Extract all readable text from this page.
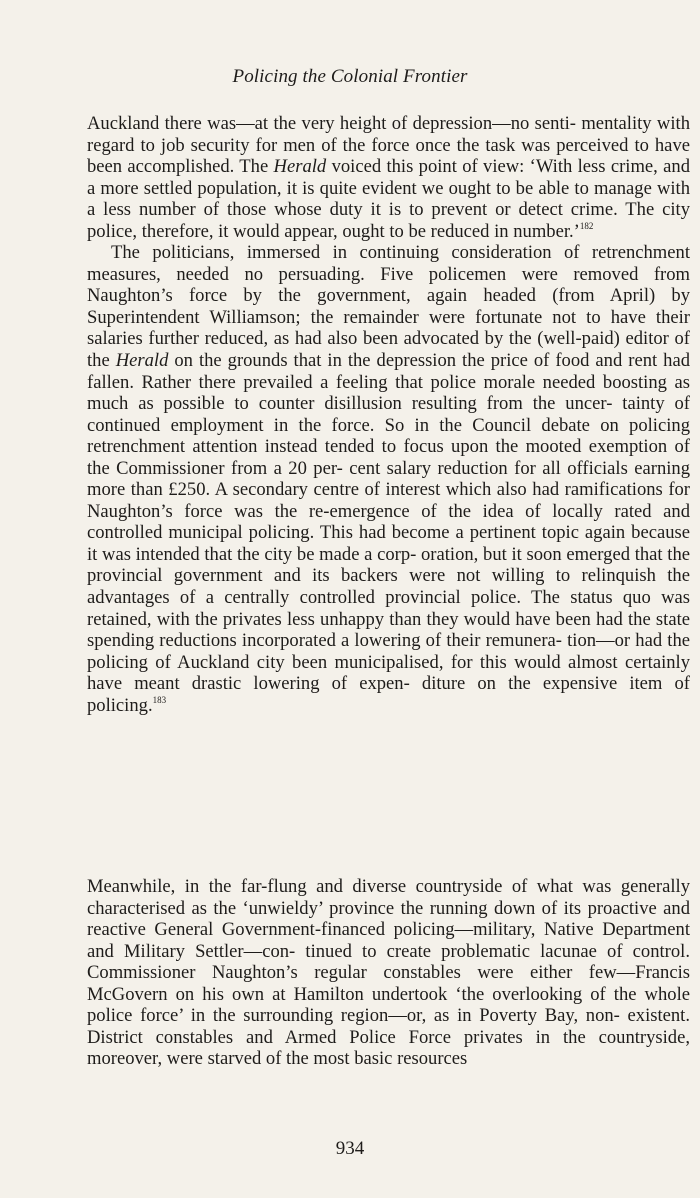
Policing the Colonial Frontier

Auckland there was—at the very height of depression—no senti- mentality with regard to job security for men of the force once the task was perceived to have been accomplished. The Herald voiced this point of view: ‘With less crime, and a more settled population, it is quite evident we ought to be able to manage with a less number of those whose duty it is to prevent or detect crime. The city police, therefore, it would appear, ought to be reduced in number.’$^{182}$

The politicians, immersed in continuing consideration of retrenchment measures, needed no persuading. Five policemen were removed from Naughton’s force by the government, again headed (from April) by Superintendent Williamson; the remainder were fortunate not to have their salaries further reduced, as had also been advocated by the (well-paid) editor of the Herald on the grounds that in the depression the price of food and rent had fallen. Rather there prevailed a feeling that police morale needed boosting as much as possible to counter disillusion resulting from the uncer- tainty of continued employment in the force. So in the Council debate on policing retrenchment attention instead tended to focus upon the mooted exemption of the Commissioner from a 20 per- cent salary reduction for all officials earning more than £250. A secondary centre of interest which also had ramifications for Naughton’s force was the re-emergence of the idea of locally rated and controlled municipal policing. This had become a pertinent topic again because it was intended that the city be made a corp- oration, but it soon emerged that the provincial government and its backers were not willing to relinquish the advantages of a centrally controlled provincial police. The status quo was retained, with the privates less unhappy than they would have been had the state spending reductions incorporated a lowering of their remunera- tion—or had the policing of Auckland city been municipalised, for this would almost certainly have meant drastic lowering of expen- diture on the expensive item of policing.$^{183}$

Meanwhile, in the far-flung and diverse countryside of what was generally characterised as the ‘unwieldy’ province the running down of its proactive and reactive General Government-financed policing—military, Native Department and Military Settler—con- tinued to create problematic lacunae of control. Commissioner Naughton’s regular constables were either few—Francis McGovern on his own at Hamilton undertook ‘the overlooking of the whole police force’ in the surrounding region—or, as in Poverty Bay, non- existent. District constables and Armed Police Force privates in the countryside, moreover, were starved of the most basic resources

934
